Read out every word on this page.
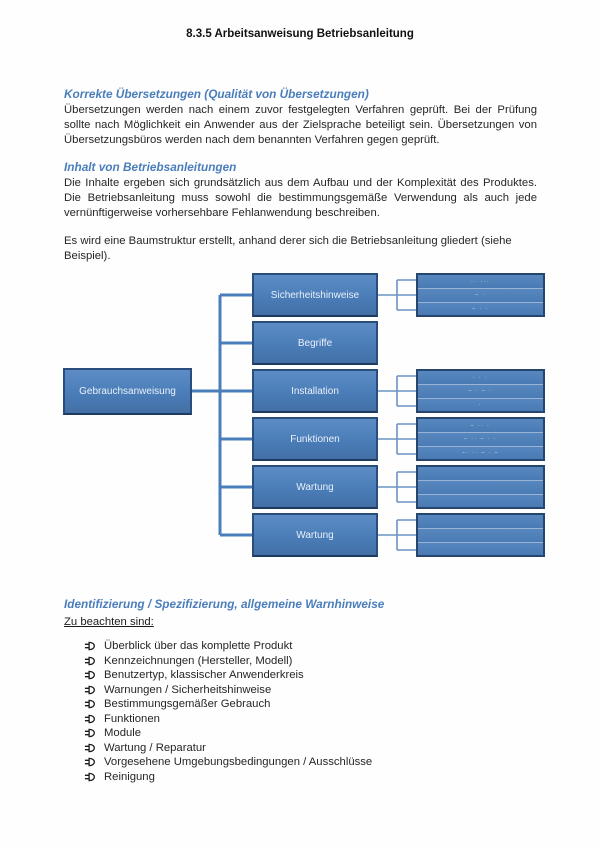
8.3.5 Arbeitsanweisung Betriebsanleitung
Korrekte Übersetzungen (Qualität von Übersetzungen)
Übersetzungen werden nach einem zuvor festgelegten Verfahren geprüft. Bei der Prüfung sollte nach Möglichkeit ein Anwender aus der Zielsprache beteiligt sein. Übersetzungen von Übersetzungsbüros werden nach dem benannten Verfahren gegen geprüft.
Inhalt von Betriebsanleitungen
Die Inhalte ergeben sich grundsätzlich aus dem Aufbau und der Komplexität des Produktes. Die Betriebsanleitung muss sowohl die bestimmungsgemäße Verwendung als auch jede vernünftigerweise vorhersehbare Fehlanwendung beschreiben.
Es wird eine Baumstruktur erstellt, anhand derer sich die Betriebsanleitung gliedert (siehe Beispiel).
Gebrauchsanweisung
Sicherheitshinweise
Begriffe
Installation
Funktionen
Wartung
Wartung
·· ···
– ·
– · ·
· · ·
– · – ·
·
– ·· ·
– ·· – · ·
–· ·· – · –
Identifizierung / Spezifizierung, allgemeine Warnhinweise
Zu beachten sind:
Überblick über das komplette Produkt
Kennzeichnungen (Hersteller, Modell)
Benutzertyp, klassischer Anwenderkreis
Warnungen / Sicherheitshinweise
Bestimmungsgemäßer Gebrauch
Funktionen
Module
Wartung / Reparatur
Vorgesehene Umgebungsbedingungen / Ausschlüsse
Reinigung
